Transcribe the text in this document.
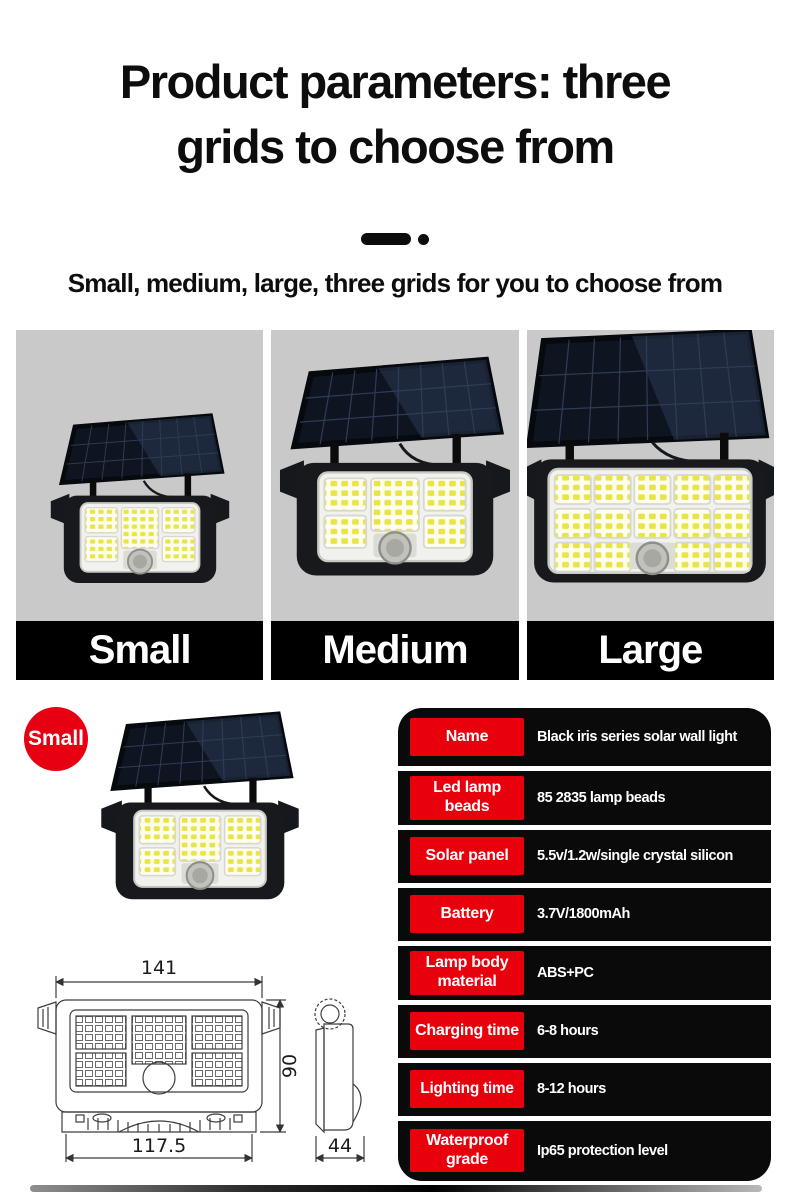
Product parameters: three
grids to choose from
Small, medium, large, three grids for you to choose from
Small	Medium	Large
Small
141
90
117.5	44
Name	Black iris series solar wall light
Led lamp beads	85 2835 lamp beads
Solar panel	5.5v/1.2w/single crystal silicon
Battery	3.7V/1800mAh
Lamp body material	ABS+PC
Charging time	6-8 hours
Lighting time	8-12 hours
Waterproof grade	Ip65 protection level
